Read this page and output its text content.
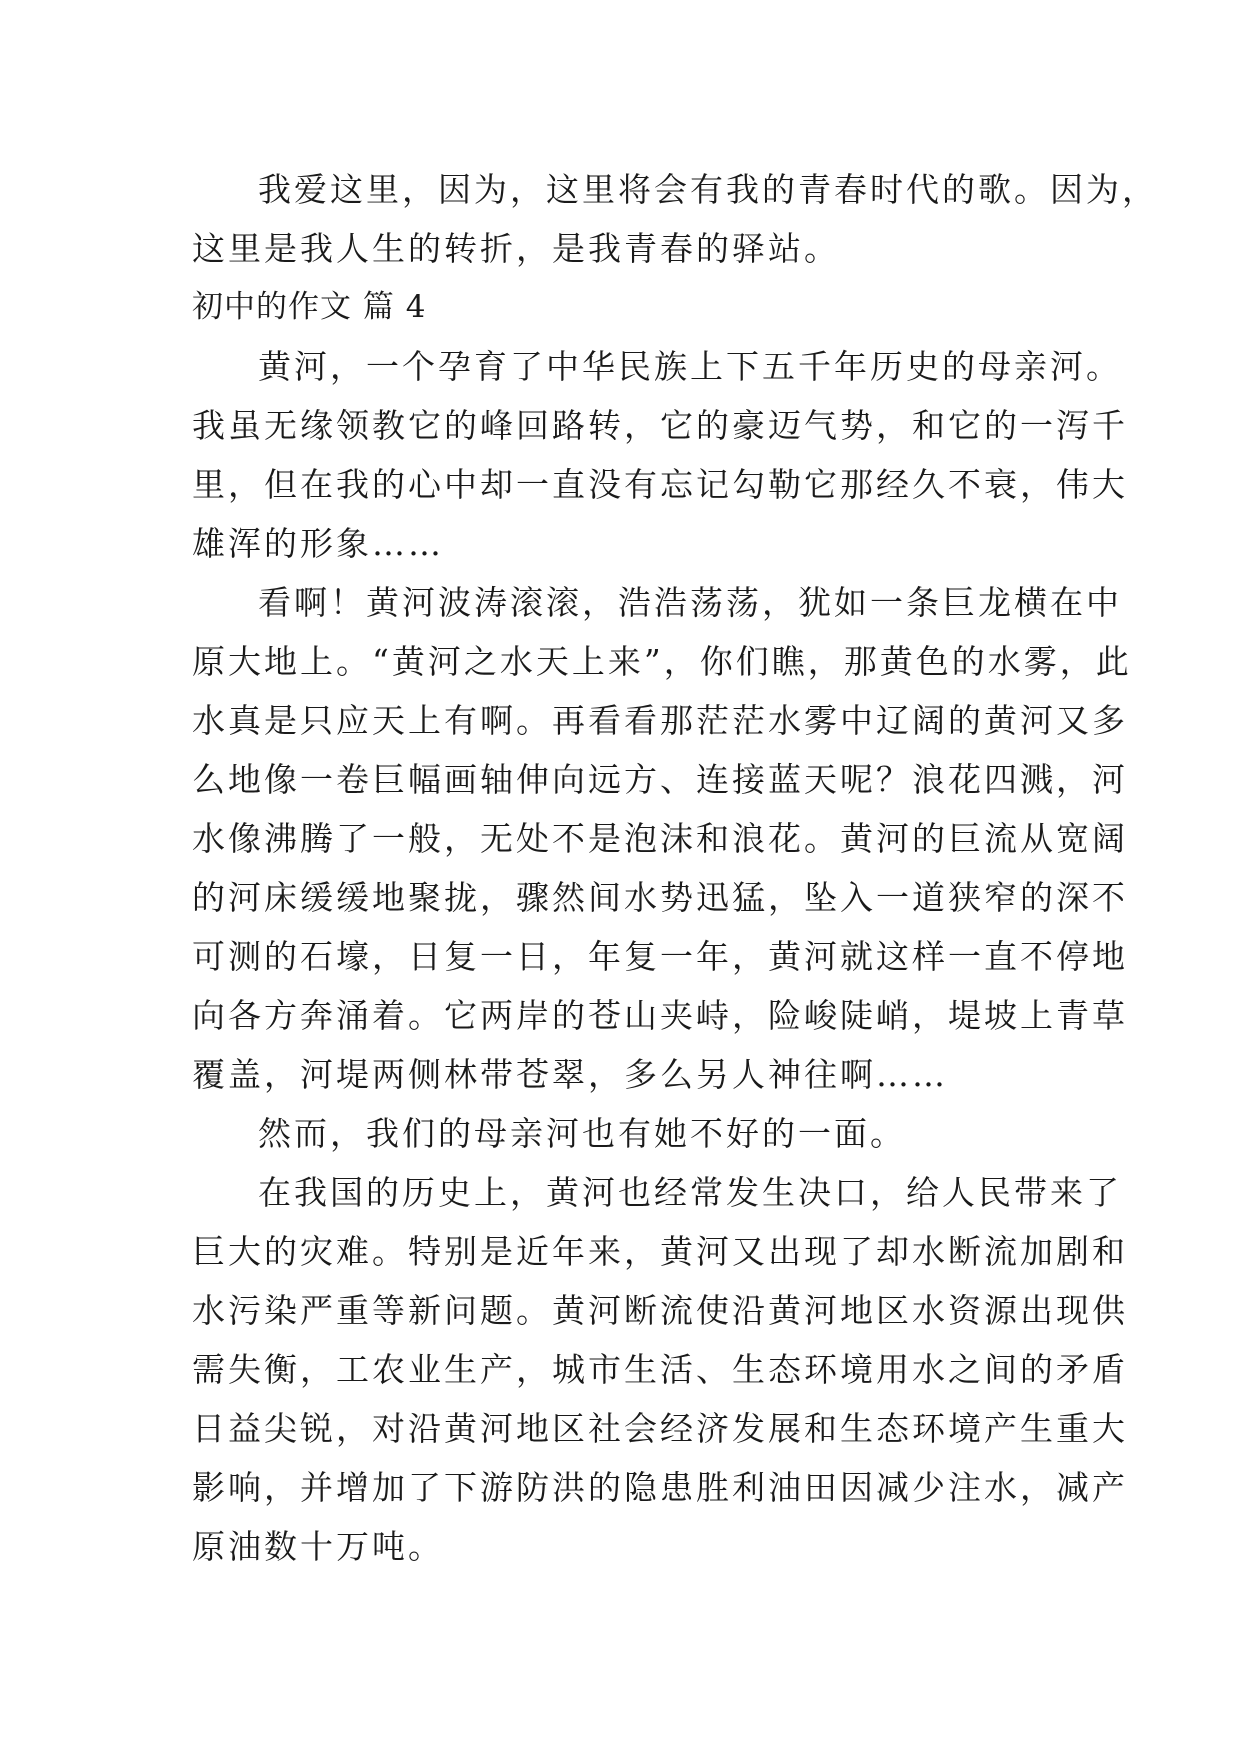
我爱这里，因为，这里将会有我的青春时代的歌。因为，
这里是我人生的转折，是我青春的驿站。
初中的作文 篇 4
黄河，一个孕育了中华民族上下五千年历史的母亲河。
我虽无缘领教它的峰回路转，它的豪迈气势，和它的一泻千
里，但在我的心中却一直没有忘记勾勒它那经久不衰，伟大
雄浑的形象……
看啊！黄河波涛滚滚，浩浩荡荡，犹如一条巨龙横在中
原大地上。“黄河之水天上来”，你们瞧，那黄色的水雾，此
水真是只应天上有啊。再看看那茫茫水雾中辽阔的黄河又多
么地像一卷巨幅画轴伸向远方、连接蓝天呢？浪花四溅，河
水像沸腾了一般，无处不是泡沫和浪花。黄河的巨流从宽阔
的河床缓缓地聚拢，骤然间水势迅猛，坠入一道狭窄的深不
可测的石壕，日复一日，年复一年，黄河就这样一直不停地
向各方奔涌着。它两岸的苍山夹峙，险峻陡峭，堤坡上青草
覆盖，河堤两侧林带苍翠，多么另人神往啊……
然而，我们的母亲河也有她不好的一面。
在我国的历史上，黄河也经常发生决口，给人民带来了
巨大的灾难。特别是近年来，黄河又出现了却水断流加剧和
水污染严重等新问题。黄河断流使沿黄河地区水资源出现供
需失衡，工农业生产，城市生活、生态环境用水之间的矛盾
日益尖锐，对沿黄河地区社会经济发展和生态环境产生重大
影响，并增加了下游防洪的隐患胜利油田因减少注水，减产
原油数十万吨。
